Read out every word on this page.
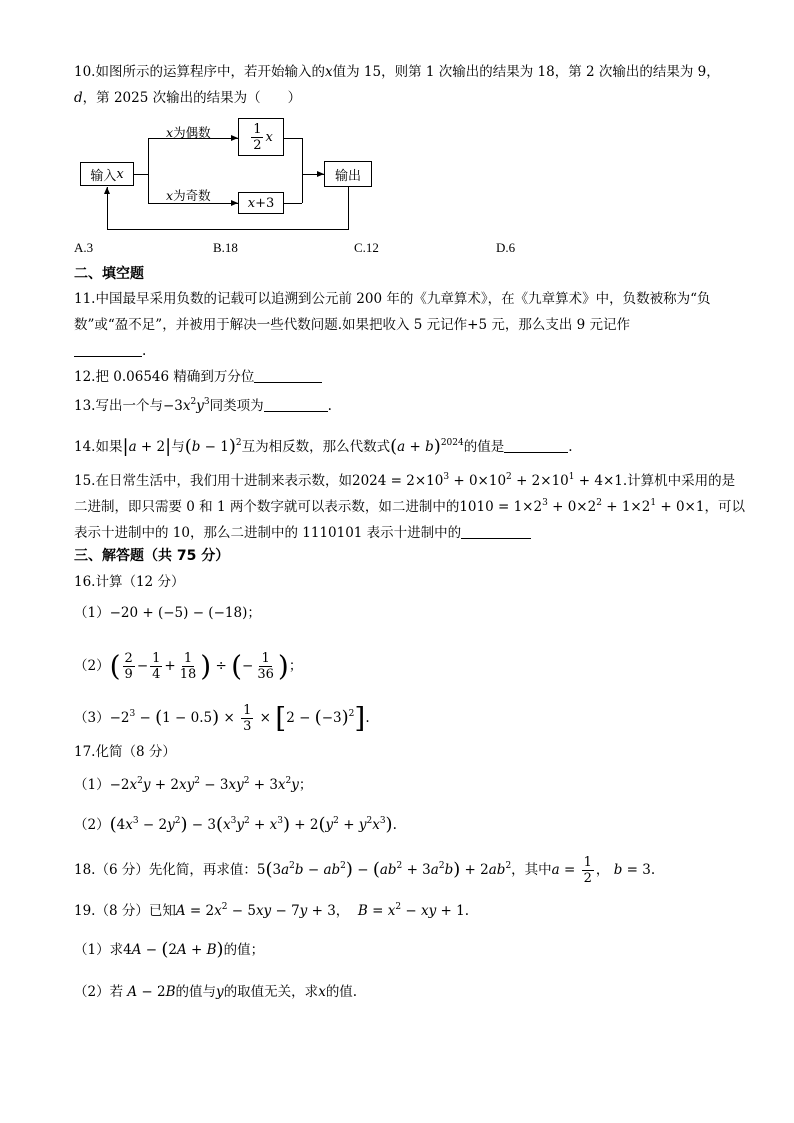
10.如图所示的运算程序中，若开始输入的x值为 15，则第 1 次输出的结果为 18，第 2 次输出的结果为 9，
d，第 2025 次输出的结果为（　　）
输入 x
$\frac{1}{2}$ x
x +3
输出
x为偶数
x为奇数
A.3	B.18	C.12	D.6
二、填空题
11.中国最早采用负数的记载可以追溯到公元前 200 年的《九章算术》，在《九章算术》中，负数被称为“负
数”或“盈不足”，并被用于解决一些代数问题.如果把收入 5 元记作+5 元，那么支出 9 元记作
.
12.把 0.06546 精确到万分位
13.写出一个与$-3x^2y^3$同类项为	.
14.如果|a + 2|与$(b - 1)^2$互为相反数，那么代数式$(a + b)^{2024}$的值是	.
15.在日常生活中，我们用十进制来表示数，如$2024 = 2\times 10^3 + 0\times 10^2 + 2\times 10^1 + 4\times 1$.计算机中采用的是
二进制，即只需要 0 和 1 两个数字就可以表示数，如二进制中的$1010 = 1\times 2^3 + 0\times 2^2 + 1\times 2^1 + 0\times 1$，可以
表示十进制中的 10，那么二进制中的 1110101 表示十进制中的
三、解答题（共 75 分）
16.计算（12 分）
（1）−20 + (−5) − (−18)；
$(2)( \frac{2}{9} - \frac{1}{4} + \frac{1}{18}$ ) ÷ (− $\frac{1}{36}$ )；
$(3)-2^3 - (1 - 0.5) \times \frac{1}{3} \times [2 - (-3)^2]$.
17.化简（8 分）
$(1)-2x^2y + 2xy^2 - 3xy^2 + 3x^2y$；
$(2)(4x^3 - 2y^2) - 3(x^3y^2 + x^3) + 2(y^2 + y^2x^3)$.
18.（6 分）先化简，再求值：$5(3a^2b - ab^2) - (ab^2 + 3a^2b) + 2ab^2$，其中$a = \frac{1}{2}$ ， b = 3.
19.（8 分）已知$A = 2x^2 - 5xy - 7y + 3$，  $B = x^2$ − xy + 1.
（1）求4A − (2A + B)的值；
（2）若 A − 2B的值与y的取值无关，求x的值.
